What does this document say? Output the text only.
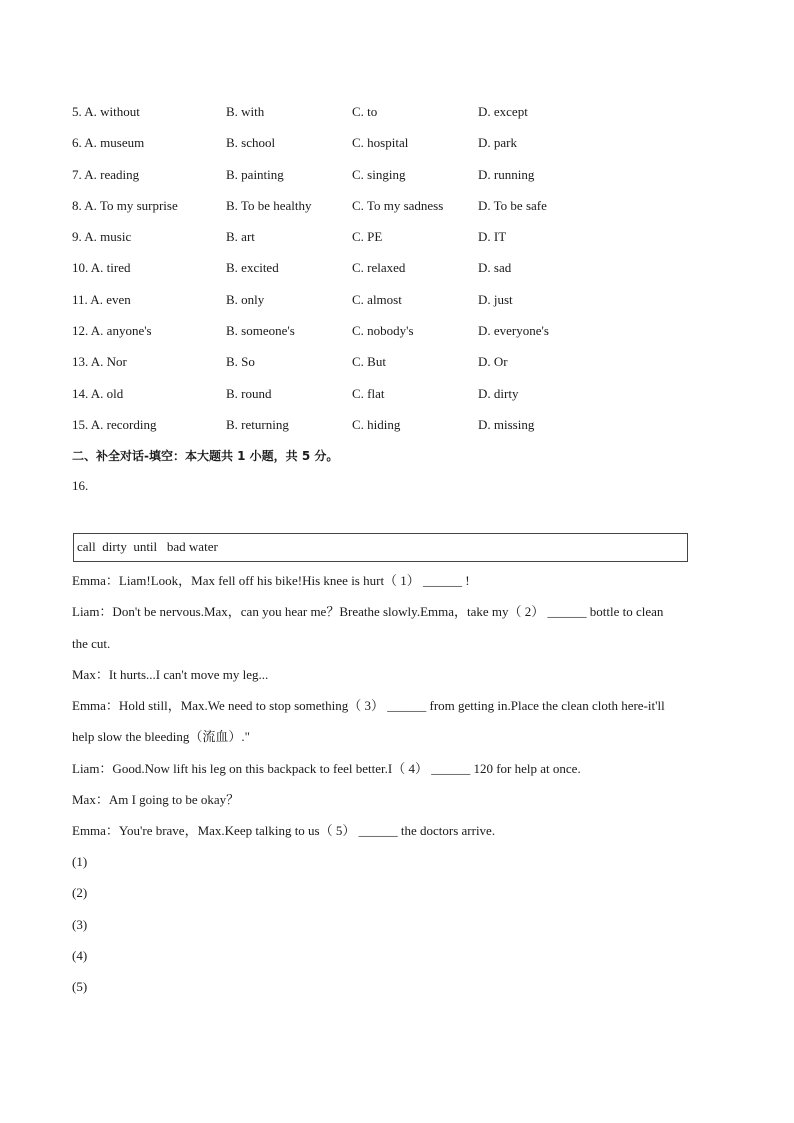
5. A. without	B. with	C. to	D. except
6. A. museum	B. school	C. hospital	D. park
7. A. reading	B. painting	C. singing	D. running
8. A. To my surprise	B. To be healthy	C. To my sadness	D. To be safe
9. A. music	B. art	C. PE	D. IT
10. A. tired	B. excited	C. relaxed	D. sad
11. A. even	B. only	C. almost	D. just
12. A. anyone's	B. someone's	C. nobody's	D. everyone's
13. A. Nor	B. So	C. But	D. Or
14. A. old	B. round	C. flat	D. dirty
15. A. recording	B. returning	C. hiding	D. missing
二、补全对话-填空：本大题共 1 小题，共 5 分。
16.
call  dirty  until   bad water
Emma：Liam!Look，Max fell off his bike!His knee is hurt（ 1） ______ !
Liam：Don't be nervous.Max，can you hear me？Breathe slowly.Emma，take my（ 2） ______ bottle to clean
the cut.
Max：It hurts...I can't move my leg...
Emma：Hold still，Max.We need to stop something（ 3） ______ from getting in.Place the clean cloth here-it'll
help slow the bleeding（流血）."
Liam：Good.Now lift his leg on this backpack to feel better.I（ 4） ______ 120 for help at once.
Max：Am I going to be okay？
Emma：You're brave，Max.Keep talking to us（ 5） ______ the doctors arrive.
(1)
(2)
(3)
(4)
(5)
